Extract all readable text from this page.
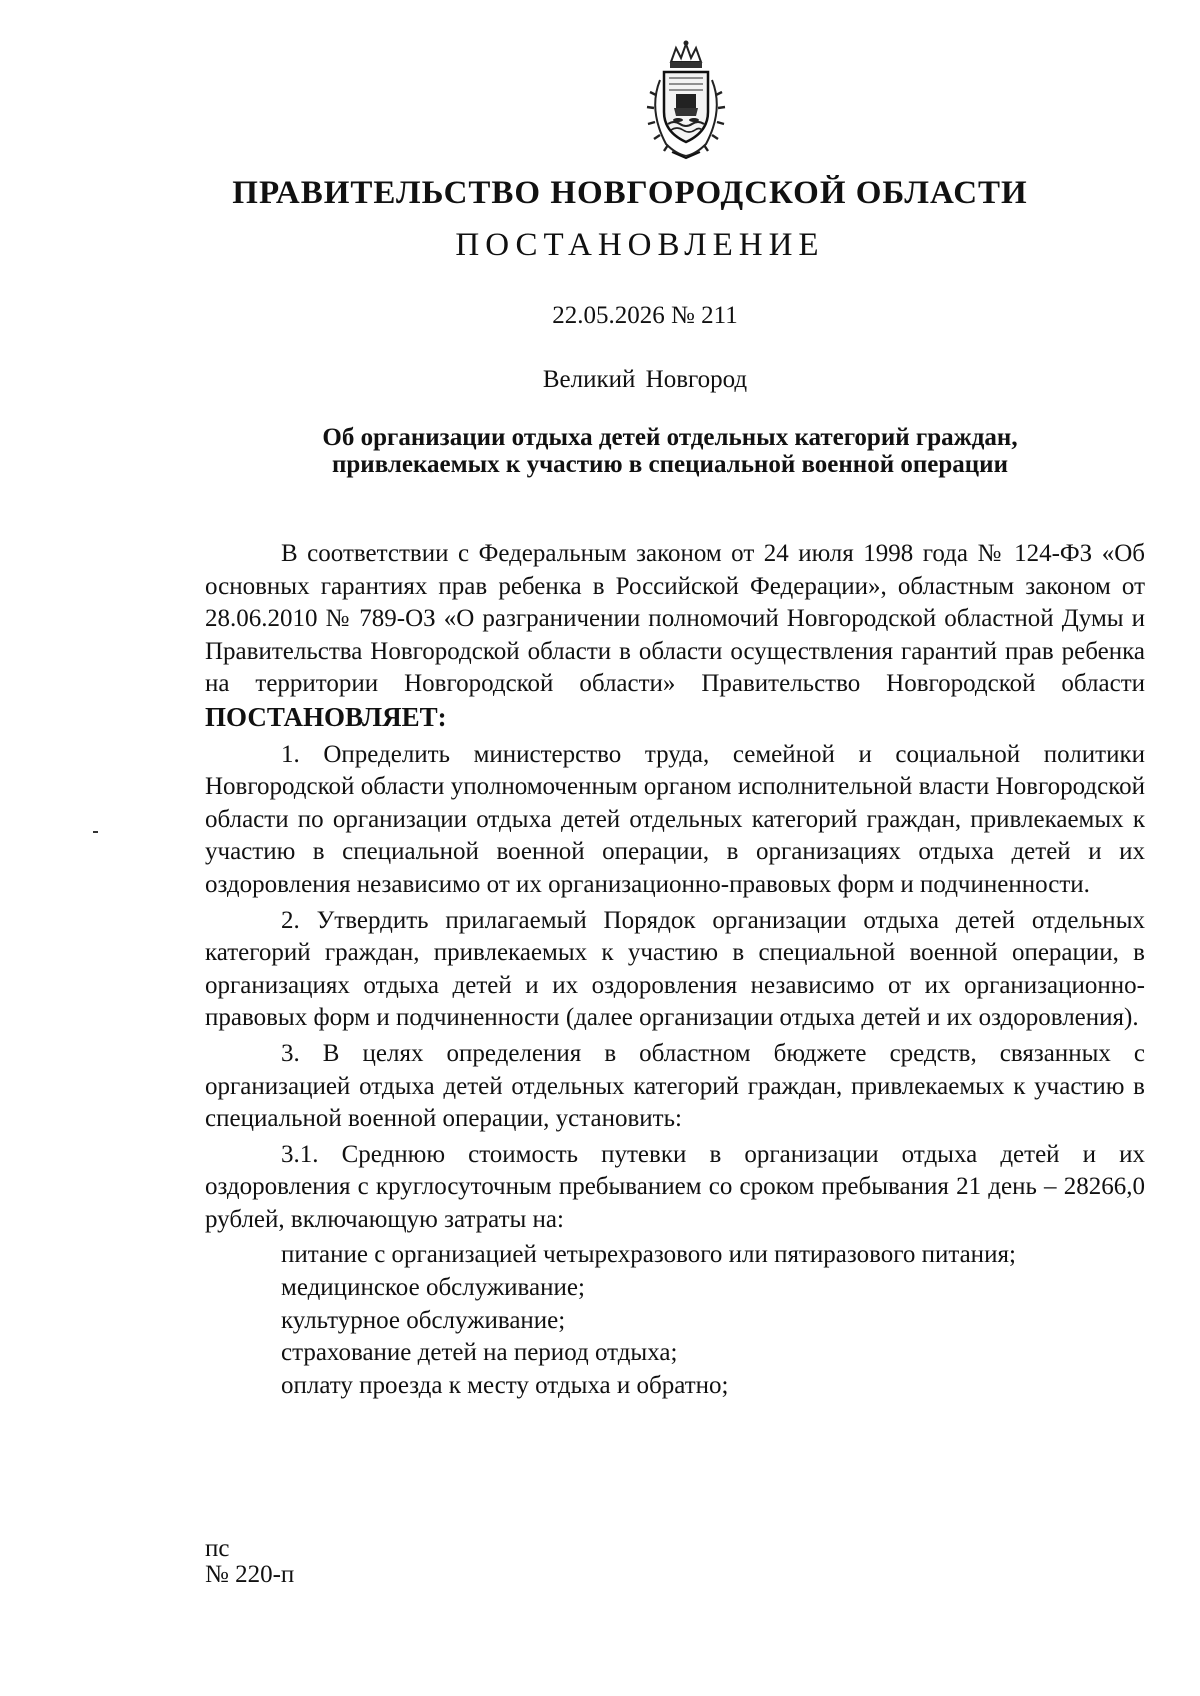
ПРАВИТЕЛЬСТВО НОВГОРОДСКОЙ ОБЛАСТИ
ПОСТАНОВЛЕНИЕ
22.05.2026 № 211
Великий Новгород
Об организации отдыха детей отдельных категорий граждан,
привлекаемых к участию в специальной военной операции

В соответствии с Федеральным законом от 24 июля 1998 года № 124-ФЗ «Об основных гарантиях прав ребенка в Российской Федерации», областным законом от 28.06.2010 № 789-ОЗ «О разграничении полномочий Новгородской областной Думы и Правительства Новгородской области в области осуществления гарантий прав ребенка на территории Новгородской области» Правительство Новгородской области ПОСТАНОВЛЯЕТ:

1. Определить министерство труда, семейной и социальной политики Новгородской области уполномоченным органом исполнительной власти Новгородской области по организации отдыха детей отдельных категорий граждан, привлекаемых к участию в специальной военной операции, в организациях отдыха детей и их оздоровления независимо от их организационно-правовых форм и подчиненности.

2. Утвердить прилагаемый Порядок организации отдыха детей отдельных категорий граждан, привлекаемых к участию в специальной военной операции, в организациях отдыха детей и их оздоровления независимо от их организационно-правовых форм и подчиненности (далее организации отдыха детей и их оздоровления).

3. В целях определения в областном бюджете средств, связанных с организацией отдыха детей отдельных категорий граждан, привлекаемых к участию в специальной военной операции, установить:

3.1. Среднюю стоимость путевки в организации отдыха детей и их оздоровления с круглосуточным пребыванием со сроком пребывания 21 день – 28266,0 рублей, включающую затраты на:

питание с организацией четырехразового или пятиразового питания;

медицинское обслуживание;

культурное обслуживание;

страхование детей на период отдыха;

оплату проезда к месту отдыха и обратно;

пс
№ 220-п
